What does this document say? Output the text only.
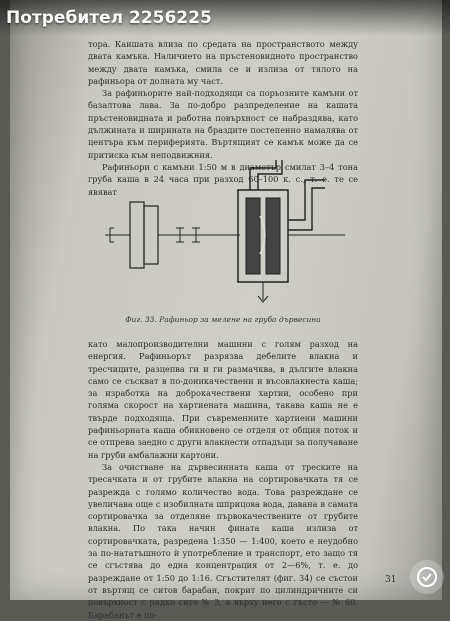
Потребител 2256225

тора. Каишата влиза по средата на пространството между двата камъка. Наличието на пръстеновидното пространство между двата камъка, смила се и излиза от тялото на рафиньора от долната му част.

За рафиньорите най-подходящи са порьозните камъни от базалтова лава. За по-добро разпределение на кашата пръстеновидната и работна повърхност се набраздява, като дължината и ширината на браздите постепенно намалява от центъра към периферията. Въртящият се камък може да се притиска към неподвижния.

Рафиньори с камъни 1:50 м в диаметър смилат 3–4 тона груба каша в 24 часа при разход 60–100 к. с., т. е. те се явяват

Фиг. 33. Рафиньор за мелене на груба дървесина

като малопроизводителни машини с голям разход на енергия. Рафиньорът разрязва дебелите влакна и тресчиците, разцепва ги и ги размачква, в дългите влакна само се съскват в по-доникачествени и въсовлакнеста каша; за изработка на доброкачествени хартии, особено при голяма скорост на хартиената машина, такава каша не е твърде подходяща. При съвременните хартиени машини рафиньорната каша обикновено се отделя от общия поток и се отпрева заедно с други влакнести отпадъци за получаване на груби амбалажни картони.

За очистване на дървесинната каша от треските на тресачката и от грубите влакна на сортировачката тя се разрежда с голямо количество вода. Това разреждане се увеличава още с изобилната шприцова вода, давана в самата сортировачка за отделяне първокачествените от грубите влакна. По така начин фината каша излиза от сортировачката, разредена 1:350 — 1:400, което е неудобно за по-нататъшното ѝ употребление и транспорт, ето защо тя се сгъстява до една концентрация от 2—6%, т. е. до разреждане от 1:50 до 1:16. Сгъстителят (фиг. 34) се състои от въртящ се ситов барабан, покрит по цилиндричните си повърхност с рядко сито № 3, а върху него с гъсто — № 60. Барабанът е по-

31
